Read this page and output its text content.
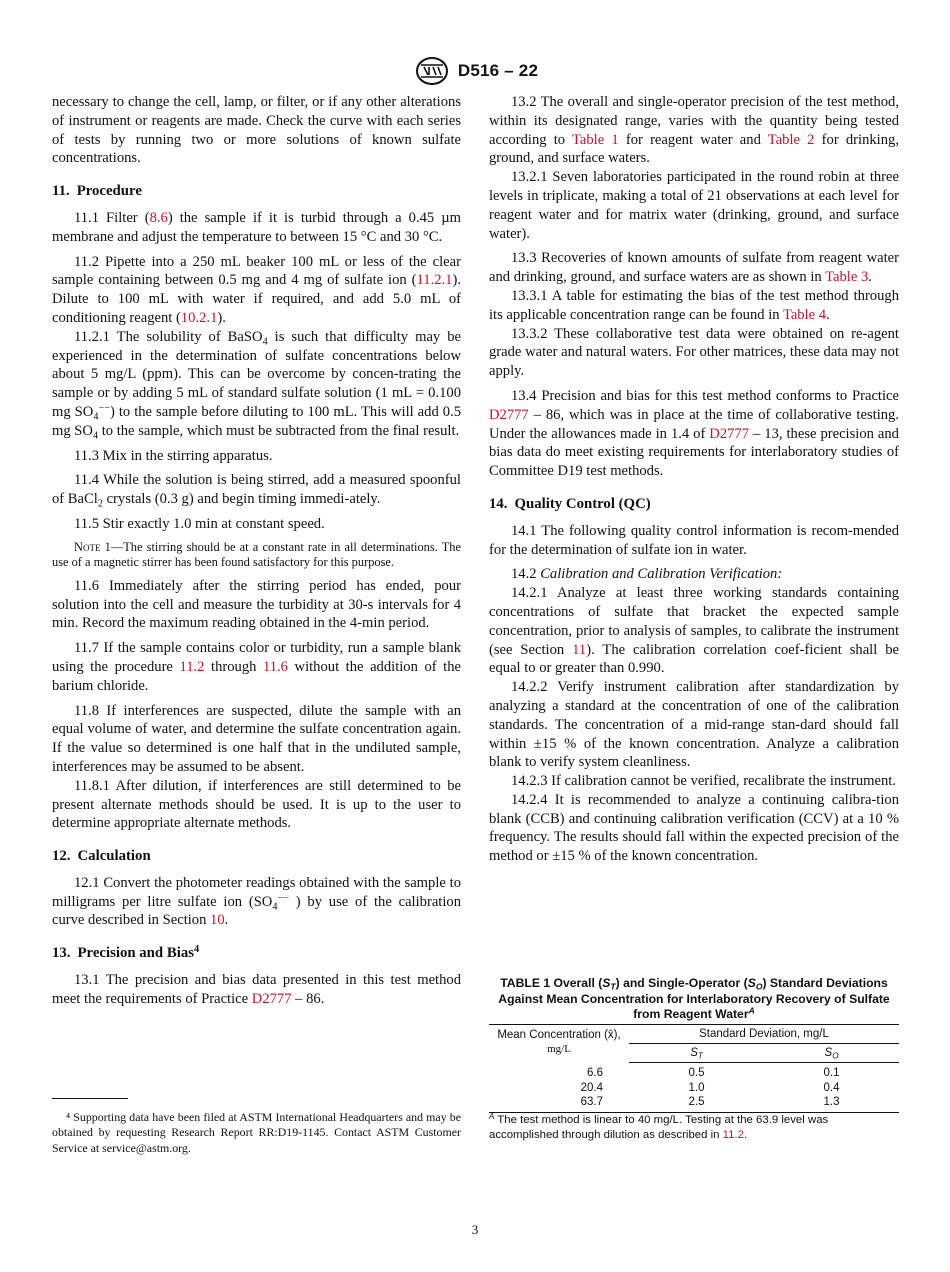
D516 – 22

necessary to change the cell, lamp, or filter, or if any other alterations of instrument or reagents are made. Check the curve with each series of tests by running two or more solutions of known sulfate concentrations.

11. Procedure

11.1 Filter (8.6) the sample if it is turbid through a 0.45 µm membrane and adjust the temperature to between 15 °C and 30 °C.

11.2 Pipette into a 250 mL beaker 100 mL or less of the clear sample containing between 0.5 mg and 4 mg of sulfate ion (11.2.1). Dilute to 100 mL with water if required, and add 5.0 mL of conditioning reagent (10.2.1).

11.2.1 The solubility of BaSO$_4$ is such that difficulty may be experienced in the determination of sulfate concentrations below about 5 mg/L (ppm). This can be overcome by concen-trating the sample or by adding 5 mL of standard sulfate solution (1 mL = 0.100 mg $SO_4^{--}$) to the sample before diluting to 100 mL. This will add 0.5 mg $SO_4$ to the sample, which must be subtracted from the final result.

11.3 Mix in the stirring apparatus.

11.4 While the solution is being stirred, add a measured spoonful of BaCl$_2$ crystals (0.3 g) and begin timing immedi-ately.

11.5 Stir exactly 1.0 min at constant speed.

Note 1—The stirring should be at a constant rate in all determinations. The use of a magnetic stirrer has been found satisfactory for this purpose.

11.6 Immediately after the stirring period has ended, pour solution into the cell and measure the turbidity at 30-s intervals for 4 min. Record the maximum reading obtained in the 4-min period.

11.7 If the sample contains color or turbidity, run a sample blank using the procedure 11.2 through 11.6 without the addition of the barium chloride.

11.8 If interferences are suspected, dilute the sample with an equal volume of water, and determine the sulfate concentration again. If the value so determined is one half that in the undiluted sample, interferences may be assumed to be absent.

11.8.1 After dilution, if interferences are still determined to be present alternate methods should be used. It is up to the user to determine appropriate alternate methods.

12. Calculation

12.1 Convert the photometer readings obtained with the sample to milligrams per litre sulfate ion ($SO_4^{--}$ ) by use of the calibration curve described in Section 10.

13. Precision and Bias$^4$

13.1 The precision and bias data presented in this test method meet the requirements of Practice D2777 – 86.

⁴ Supporting data have been filed at ASTM International Headquarters and may be obtained by requesting Research Report RR:D19-1145. Contact ASTM Customer Service at service@astm.org.

13.2 The overall and single-operator precision of the test method, within its designated range, varies with the quantity being tested according to Table 1 for reagent water and Table 2 for drinking, ground, and surface waters.

13.2.1 Seven laboratories participated in the round robin at three levels in triplicate, making a total of 21 observations at each level for reagent water and for matrix water (drinking, ground, and surface water).

13.3 Recoveries of known amounts of sulfate from reagent water and drinking, ground, and surface waters are as shown in Table 3.

13.3.1 A table for estimating the bias of the test method through its applicable concentration range can be found in Table 4.

13.3.2 These collaborative test data were obtained on re-agent grade water and natural waters. For other matrices, these data may not apply.

13.4 Precision and bias for this test method conforms to Practice D2777 – 86, which was in place at the time of collaborative testing. Under the allowances made in 1.4 of D2777 – 13, these precision and bias data do meet existing requirements for interlaboratory studies of Committee D19 test methods.

14. Quality Control (QC)

14.1 The following quality control information is recom-mended for the determination of sulfate ion in water.

14.2 Calibration and Calibration Verification:

14.2.1 Analyze at least three working standards containing concentrations of sulfate that bracket the expected sample concentration, prior to analysis of samples, to calibrate the instrument (see Section 11). The calibration correlation coef-ficient shall be equal to or greater than 0.990.

14.2.2 Verify instrument calibration after standardization by analyzing a standard at the concentration of one of the calibration standards. The concentration of a mid-range stan-dard should fall within ±15 % of the known concentration. Analyze a calibration blank to verify system cleanliness.

14.2.3 If calibration cannot be verified, recalibrate the instrument.

14.2.4 It is recommended to analyze a continuing calibra-tion blank (CCB) and continuing calibration verification (CCV) at a 10 % frequency. The results should fall within the expected precision of the method or ±15 % of the known concentration.

TABLE 1 Overall $(S_T)$ and Single-Operator $(S_O)$ Standard Deviations Against Mean Concentration for Interlaboratory Recovery of Sulfate from Reagent Water$^A$

Mean Concentration (x̄),
mg/L	Standard Deviation, mg/L	
	$S_T$	$S_O$
6.6	0.5	0.1
20.4	1.0	0.4
63.7	2.5	1.3

$^A$ The test method is linear to 40 mg/L. Testing at the 63.9 level was accomplished through dilution as described in 11.2.

3
